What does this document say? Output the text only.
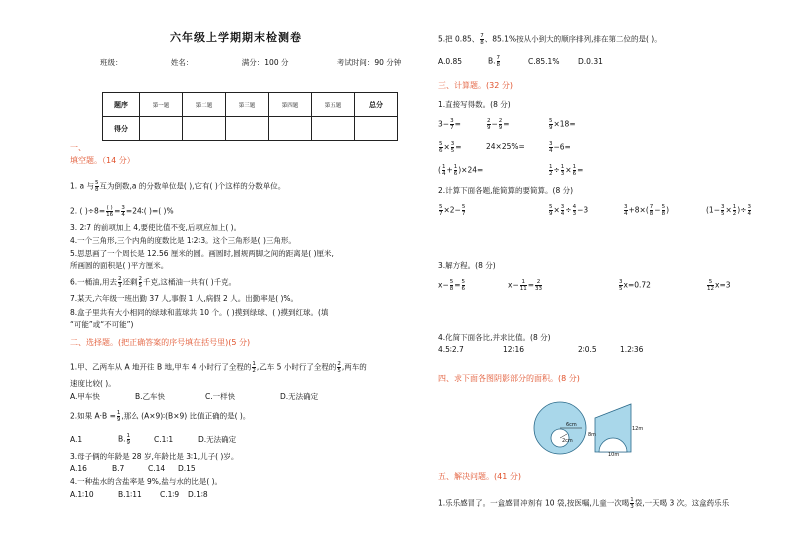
六年级上学期期末检测卷
班级：	姓名：	满分：100 分	考试时间：90 分钟
题序	第一题	第二题	第三题	第四题	第五题	总分
得分						
一、
填空题。（14 分）
1. a 与 $\frac{5}{8}$ 互为倒数,a 的分数单位是( ),它有( )个这样的分数单位。
2. ( )$\div 8= \frac{( )}{16} = \frac{3}{4}$ =24∶( )=( )%
3. 2∶7 的前项加上 4,要使比值不变,后项应加上( )。
4.一个三角形,三个内角的度数比是 1∶2∶3。这个三角形是( )三角形。
5.思思画了一个周长是 12.56 厘米的圆。画圆时,圆规两脚之间的距离是( )厘米,
所画圆的面积是( )平方厘米。
6.一桶油,用去 $\frac{2}{3}$ 还剩 $\frac{2}{5}$ 千克,这桶油一共有( )千克。
7.某天,六年级一班出勤 37 人,事假 1 人,病假 2 人。出勤率是( )%。
8.盒子里共有大小相同的绿球和蓝球共 10 个。( )摸到绿球、( )摸到红球。(填
“可能”或“不可能”)
二、选择题。(把正确答案的序号填在括号里)(5 分)
1.甲、乙两车从 A 地开往 B 地,甲车 4 小时行了全程的 $\frac{1}{2}$ ,乙车 5 小时行了全程的 $\frac{2}{5}$ ,两车的
速度比较( )。
A.甲车快	B.乙车快	C.一样快	D.无法确定
2.如果 $A\cdot B = \frac{1}{9}$ ,那么 (A×9)∶(B×9) 比值正确的是( )。
A.1	B. $\frac{1}{9}$	C.1∶1	D.无法确定
3.母子俩的年龄是 28 岁,年龄比是 3∶1,儿子( )岁。
A.16	B.7	C.14 D.15
4.一种盐水的含盐率是 9%,盐与水的比是( )。
A.1∶10	B.1∶11 C.1∶9 D.1∶8
5.把 0.85、 $\frac{7}{8}$ 、85.1%按从小到大的顺序排列,排在第二位的是( )。
A.0.85	B. $\frac{7}{8}$	C.85.1% D.0.31
三、计算题。(32 分)
1.直接写得数。(8 分)
$3- \frac{3}{7}$ =	$\frac{2}{9} - \frac{2}{9}$ =	$\frac{5}{9} \times 18=$
$\frac{5}{6} \times \frac{3}{5}$ =	24×25%=	$\frac{3}{4} -6=$
( $\frac{1}{4} + \frac{1}{6} )\times 24=$	$\frac{1}{2} \div \frac{1}{3} \times \frac{1}{6}$ =
2.计算下面各题,能简算的要简算。(8 分)
$\frac{5}{7} \times 2- \frac{5}{7}$	$\frac{5}{9} \times \frac{3}{4} \div \frac{4}{3} -3$	$\frac{3}{4} +8\times( \frac{7}{8} - \frac{5}{8}$ )	($1- \frac{3}{5} \times \frac{1}{2}$ )÷ $\frac{3}{4}$
3.解方程。(8 分)
$x- \frac{5}{8} = \frac{5}{6}$	$x- \frac{1}{11} = \frac{2}{33}$	$\frac{3}{5} x=0.72$	$\frac{5}{12} x=3$
4.化简下面各比,并求比值。(8 分)
4.5∶2.7	12∶16	2∶0.5	1.2∶36
四、求下面各图阴影部分的面积。(8 分)
6cm
2cm
8m
12m
10m
五、解决问题。(41 分)
1.乐乐感冒了。一盒感冒冲剂有 10 袋,按医嘱,儿童一次喝 $\frac{1}{3}$ 袋,一天喝 3 次。这盒药乐乐
